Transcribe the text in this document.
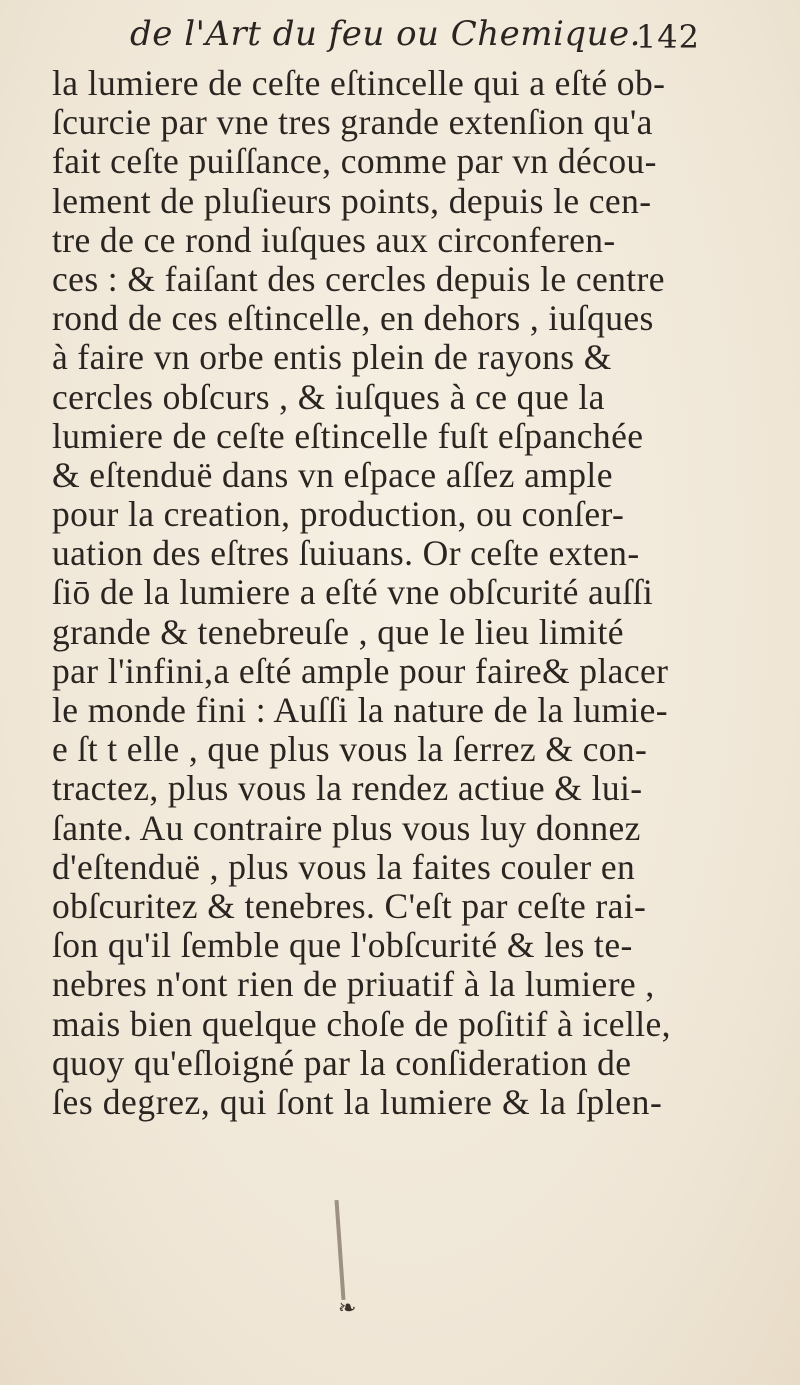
de l'Art du feu ou Chemique.
142
la lumiere de ceſte eſtincelle qui a eſté ob-
ſcurcie par vne tres grande extenſion qu'a
fait ceſte puiſſance, comme par vn décou-
lement de pluſieurs points, depuis le cen-
tre de ce rond iuſques aux circonferen-
ces : & faiſant des cercles depuis le centre
rond de ces eſtincelle, en dehors , iuſques
à faire vn orbe entis plein de rayons &
cercles obſcurs , & iuſques à ce que la
lumiere de ceſte eſtincelle fuſt eſpanchée
& eſtenduë dans vn eſpace aſſez ample
pour la creation, production, ou conſer-
uation des eſtres ſuiuans. Or ceſte exten-
ſiō de la lumiere a eſté vne obſcurité auſſi
grande & tenebreuſe , que le lieu limité
par l'infini,a eſté ample pour faire& placer
le monde fini : Auſſi la nature de la lumie-
e ſt t elle , que plus vous la ſerrez & con-
tractez, plus vous la rendez actiue & lui-
ſante. Au contraire plus vous luy donnez
d'eſtenduë , plus vous la faites couler en
obſcuritez & tenebres. C'eſt par ceſte rai-
ſon qu'il ſemble que l'obſcurité & les te-
nebres n'ont rien de priuatif à la lumiere ,
mais bien quelque choſe de poſitif à icelle,
quoy qu'eſloigné par la conſideration de
ſes degrez, qui ſont la lumiere & la ſplen-
❧
